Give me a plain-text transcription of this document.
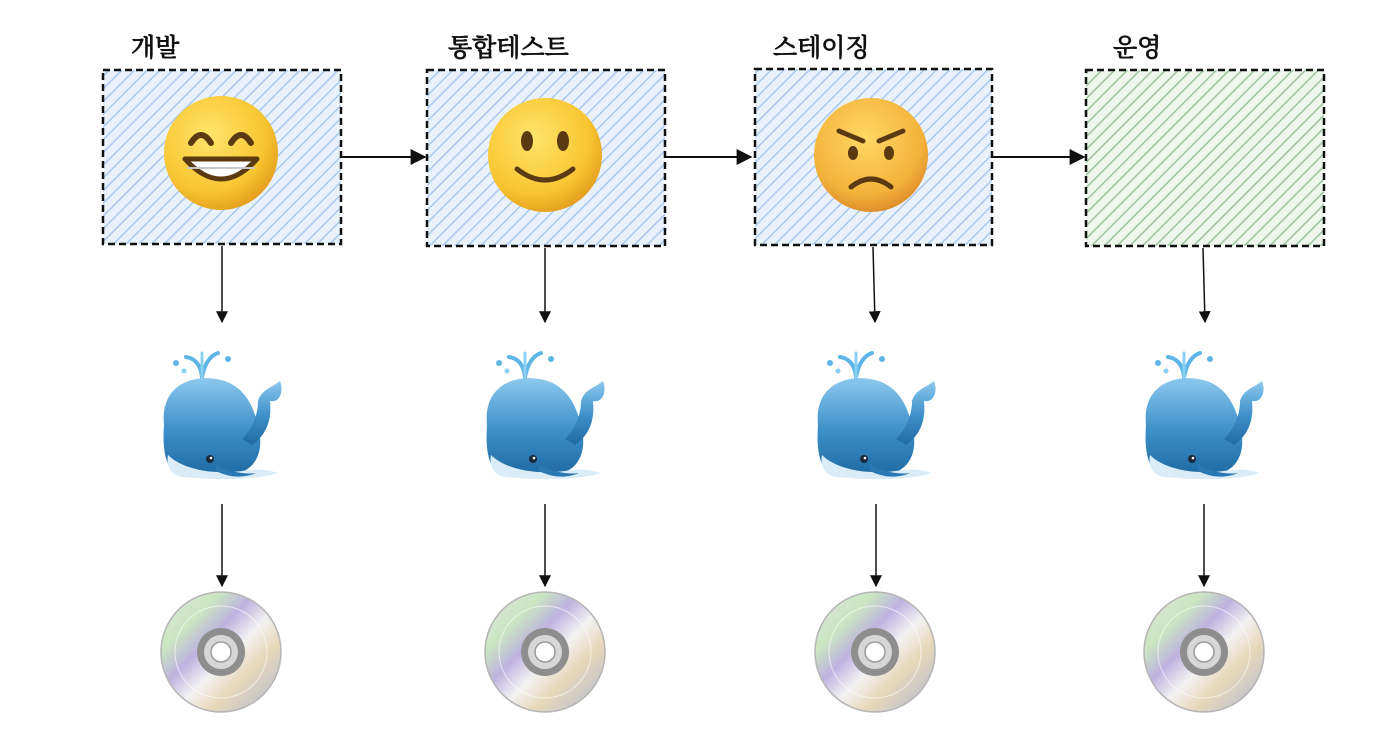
개발	통합테스트	스테이징	운영
